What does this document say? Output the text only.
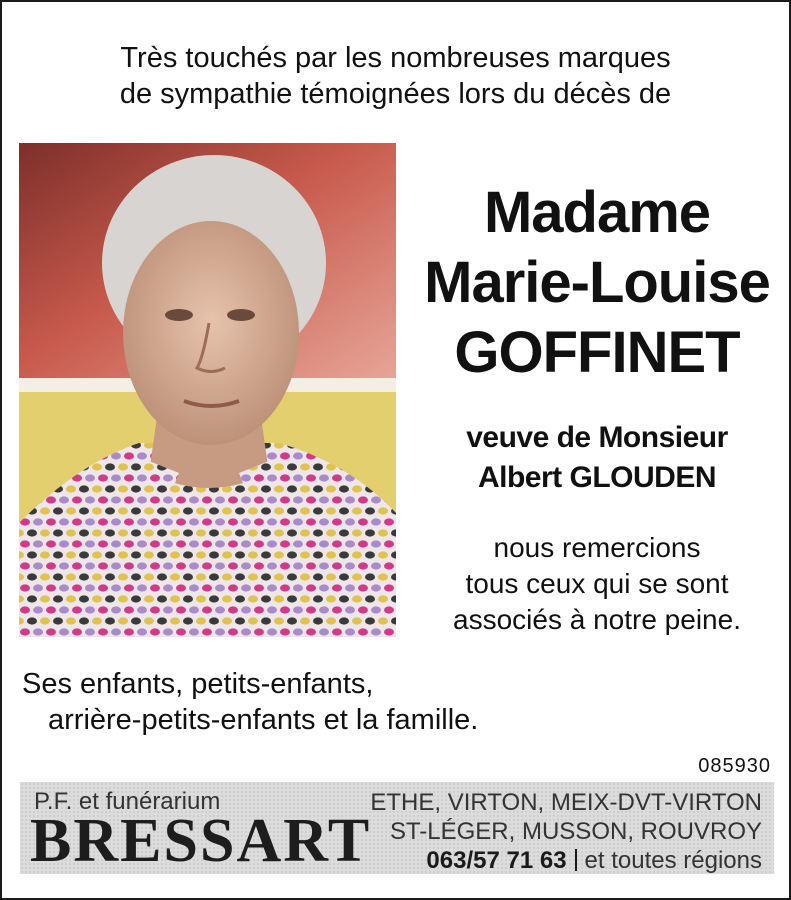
Très touchés par les nombreuses marques
de sympathie témoignées lors du décès de
Madame
Marie-Louise
GOFFINET
veuve de Monsieur
Albert GLOUDEN
nous remercions
tous ceux qui se sont
associés à notre peine.
Ses enfants, petits-enfants,
arrière-petits-enfants et la famille.
085930
P.F. et funérarium
BRESSART
ETHE, VIRTON, MEIX-DVT-VIRTON
ST-LÉGER, MUSSON, ROUVROY
063/57 71 63 et toutes régions
